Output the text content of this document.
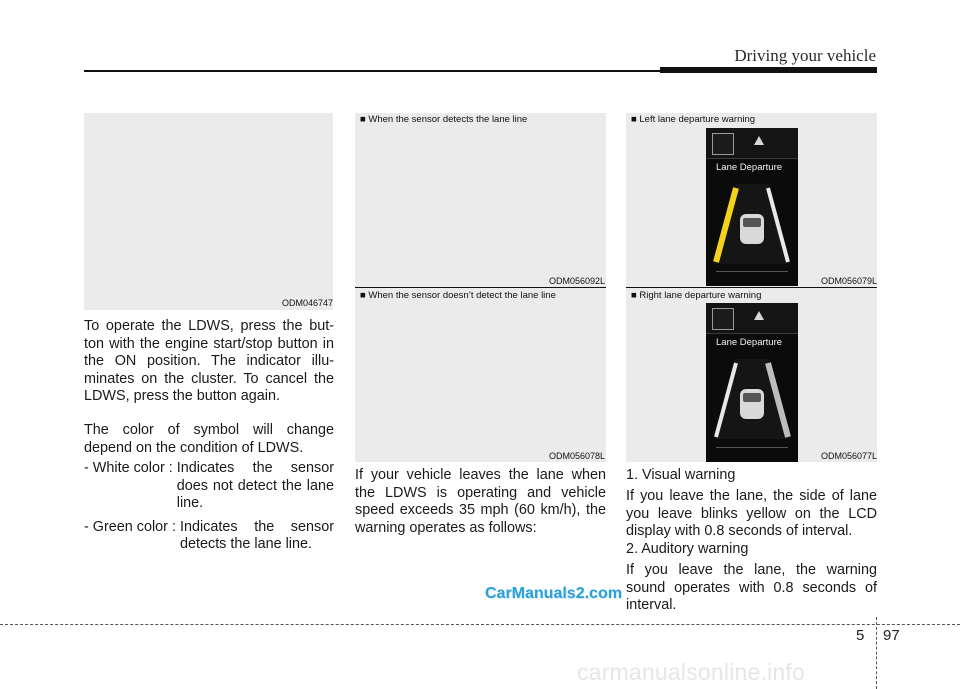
Driving your vehicle
ODM046747
To operate the LDWS, press the but-ton with the engine start/stop button in the ON position. The indicator illu-minates on the cluster. To cancel the LDWS, press the button again.
The color of symbol will change depend on the condition of LDWS.
- White color : Indicates the sensor does not detect the lane line.
- Green color : Indicates the sensor detects the lane line.
■ When the sensor detects the lane line
ODM056092L
■ When the sensor doesn’t detect the lane line
ODM056078L
If your vehicle leaves the lane when the LDWS is operating and vehicle speed exceeds 35 mph (60 km/h), the warning operates as follows:
■ Left lane departure warning
Lane Departure
ODM056079L
■ Right lane departure warning
Lane Departure
ODM056077L
1. Visual warning
If you leave the lane, the side of lane you leave blinks yellow on the LCD display with 0.8 seconds of interval.
2. Auditory warning
If you leave the lane, the warning sound operates with 0.8 seconds of interval.
CarManuals2.com
5 97
carmanualsonline.info
